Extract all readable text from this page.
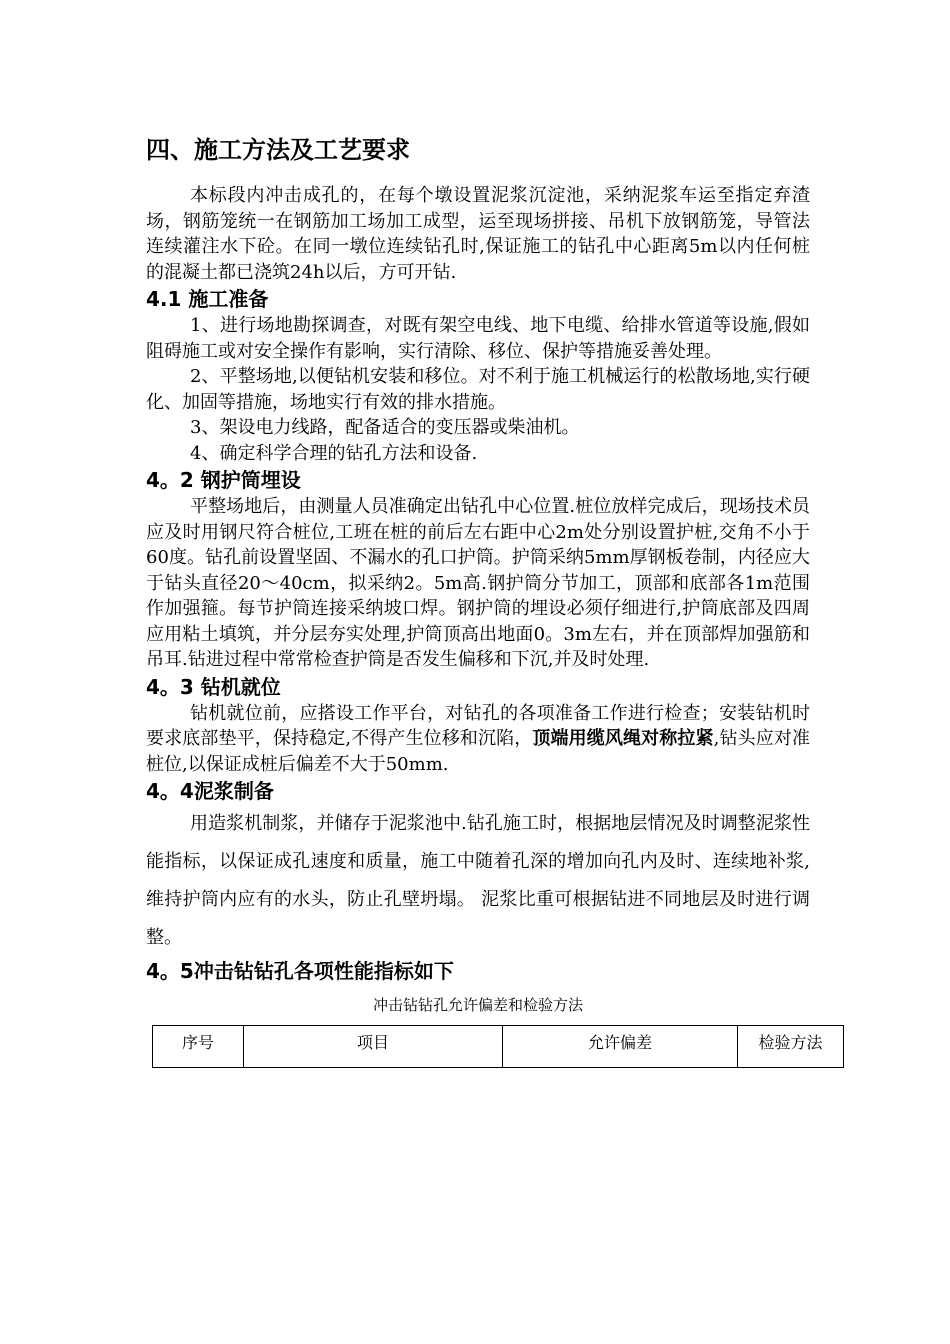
四、施工方法及工艺要求

本标段内冲击成孔的，在每个墩设置泥浆沉淀池，采纳泥浆车运至指定弃渣场，钢筋笼统一在钢筋加工场加工成型，运至现场拼接、吊机下放钢筋笼，导管法连续灌注水下砼。在同一墩位连续钻孔时,保证施工的钻孔中心距离5m以内任何桩的混凝土都已浇筑24h以后，方可开钻.

4.1 施工准备

1、进行场地勘探调查，对既有架空电线、地下电缆、给排水管道等设施,假如阻碍施工或对安全操作有影响，实行清除、移位、保护等措施妥善处理。

2、平整场地,以便钻机安装和移位。对不利于施工机械运行的松散场地,实行硬化、加固等措施，场地实行有效的排水措施。

3、架设电力线路，配备适合的变压器或柴油机。

4、确定科学合理的钻孔方法和设备.

4。2 钢护筒埋设

平整场地后，由测量人员准确定出钻孔中心位置.桩位放样完成后，现场技术员应及时用钢尺符合桩位,工班在桩的前后左右距中心2m处分别设置护桩,交角不小于60度。钻孔前设置坚固、不漏水的孔口护筒。护筒采纳5mm厚钢板卷制，内径应大于钻头直径20～40cm，拟采纳2。5m高.钢护筒分节加工，顶部和底部各1m范围作加强箍。每节护筒连接采纳坡口焊。钢护筒的埋设必须仔细进行,护筒底部及四周应用粘土填筑，并分层夯实处理,护筒顶高出地面0。3m左右，并在顶部焊加强筋和吊耳.钻进过程中常常检查护筒是否发生偏移和下沉,并及时处理.

4。3 钻机就位

钻机就位前，应搭设工作平台，对钻孔的各项准备工作进行检查；安装钻机时要求底部垫平，保持稳定,不得产生位移和沉陷，顶端用缆风绳对称拉紧,钻头应对准桩位,以保证成桩后偏差不大于50mm.

4。4泥浆制备

用造浆机制浆，并储存于泥浆池中.钻孔施工时，根据地层情况及时调整泥浆性能指标，以保证成孔速度和质量，施工中随着孔深的增加向孔内及时、连续地补浆,维持护筒内应有的水头，防止孔壁坍塌。 泥浆比重可根据钻进不同地层及时进行调整。

4。5冲击钻钻孔各项性能指标如下
冲击钻钻孔允许偏差和检验方法
序号	项目	允许偏差	检验方法
